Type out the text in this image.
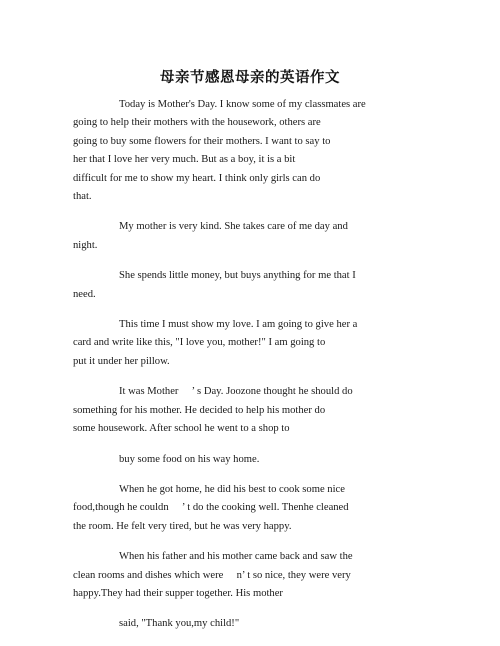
母亲节感恩母亲的英语作文

Today is Mother's Day. I know some of my classmates are
going to help their mothers with the housework, others are
going to buy some flowers for their mothers. I want to say to
her that I love her very much. But as a boy, it is a bit
difficult for me to show my heart. I think only girls can do
that.

My mother is very kind. She takes care of me day and
night.

She spends little money, but buys anything for me that I
need.

This time I must show my love. I am going to give her a
card and write like this, "I love you, mother!" I am going to
put it under her pillow.

It was Mother　 ’ s Day. Joozone thought he should do
something for his mother. He decided to help his mother do
some housework. After school he went to a shop to

buy some food on his way home.

When he got home, he did his best to cook some nice
food,though he couldn　 ’ t do the cooking well. Thenhe cleaned
the room. He felt very tired, but he was very happy.

When his father and his mother came back and saw the
clean rooms and dishes which were　 n’ t so nice, they were very
happy.They had their supper together. His mother

said, "Thank you,my child!"
